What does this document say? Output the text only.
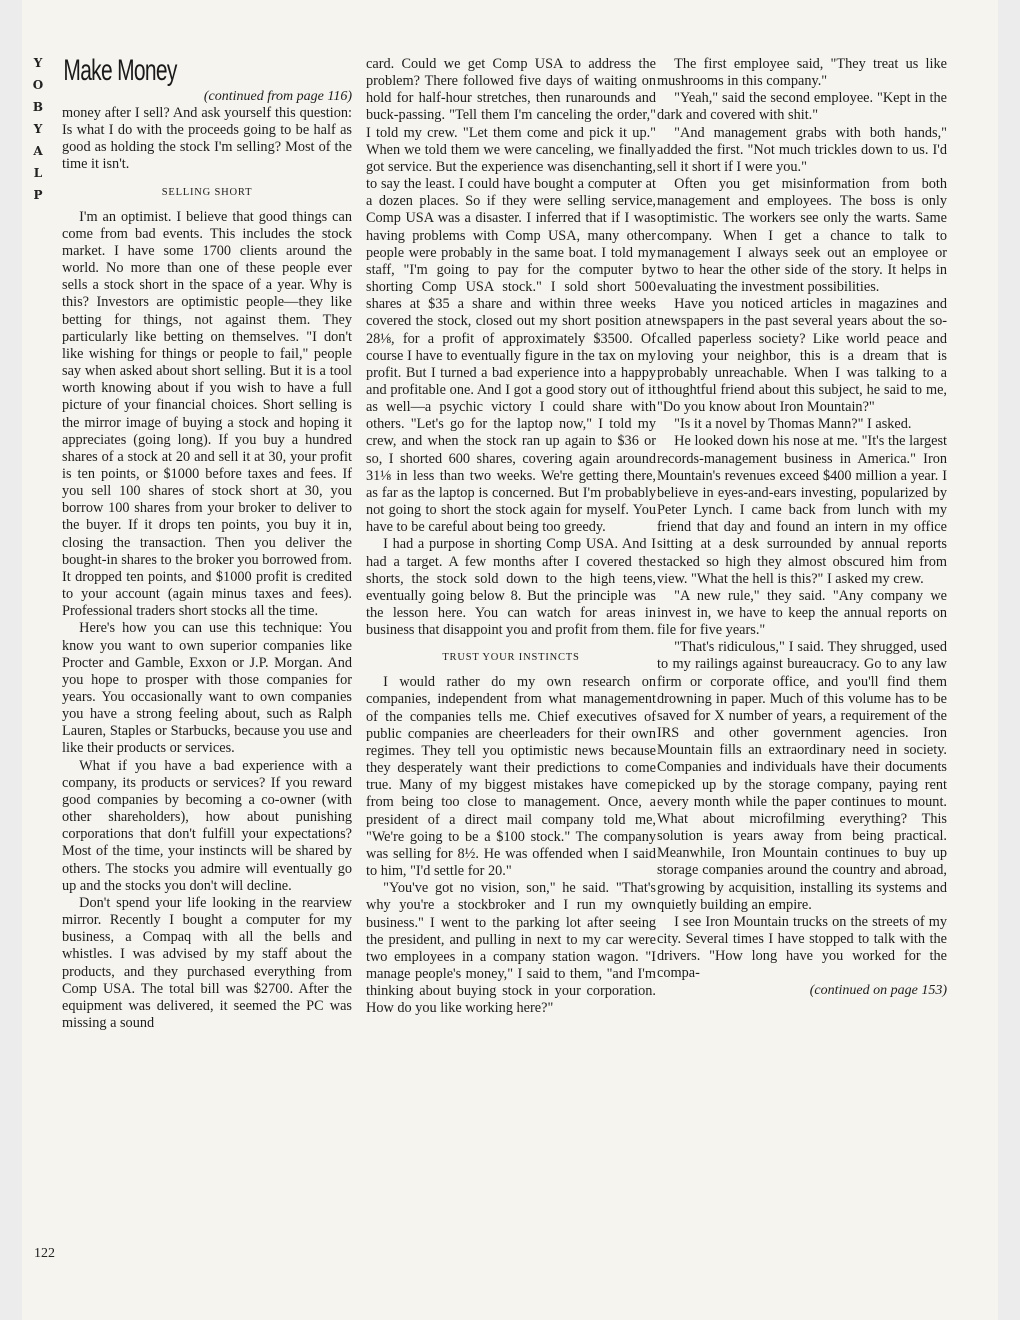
Y
O
B
Y
A
L
P
122
Make Money
(continued from page 116)

money after I sell? And ask yourself this question: Is what I do with the proceeds going to be half as good as holding the stock I'm selling? Most of the time it isn't.

SELLING SHORT

I'm an optimist. I believe that good things can come from bad events. This includes the stock market. I have some 1700 clients around the world. No more than one of these people ever sells a stock short in the space of a year. Why is this? Investors are optimistic people—they like betting for things, not against them. They particularly like betting on themselves. "I don't like wishing for things or people to fail," people say when asked about short selling. But it is a tool worth knowing about if you wish to have a full picture of your financial choices. Short selling is the mirror image of buying a stock and hoping it appreciates (going long). If you buy a hundred shares of a stock at 20 and sell it at 30, your profit is ten points, or $1000 before taxes and fees. If you sell 100 shares of stock short at 30, you borrow 100 shares from your broker to deliver to the buyer. If it drops ten points, you buy it in, closing the transaction. Then you deliver the bought-in shares to the broker you borrowed from. It dropped ten points, and $1000 profit is credited to your account (again minus taxes and fees). Professional traders short stocks all the time.

Here's how you can use this technique: You know you want to own superior companies like Procter and Gamble, Exxon or J.P. Morgan. And you hope to prosper with those companies for years. You occasionally want to own companies you have a strong feeling about, such as Ralph Lauren, Staples or Starbucks, because you use and like their products or services.

What if you have a bad experience with a company, its products or services? If you reward good companies by becoming a co-owner (with other shareholders), how about punishing corporations that don't fulfill your expectations? Most of the time, your instincts will be shared by others. The stocks you admire will eventually go up and the stocks you don't will decline.

Don't spend your life looking in the rearview mirror. Recently I bought a computer for my business, a Compaq with all the bells and whistles. I was advised by my staff about the products, and they purchased everything from Comp USA. The total bill was $2700. After the equipment was delivered, it seemed the PC was missing a sound

card. Could we get Comp USA to address the problem? There followed five days of waiting on hold for half-hour stretches, then runarounds and buck-passing. "Tell them I'm canceling the order," I told my crew. "Let them come and pick it up." When we told them we were canceling, we finally got service. But the experience was disenchanting, to say the least. I could have bought a computer at a dozen places. So if they were selling service, Comp USA was a disaster. I inferred that if I was having problems with Comp USA, many other people were probably in the same boat. I told my staff, "I'm going to pay for the computer by shorting Comp USA stock." I sold short 500 shares at $35 a share and within three weeks covered the stock, closed out my short position at 28⅛, for a profit of approximately $3500. Of course I have to eventually figure in the tax on my profit. But I turned a bad experience into a happy and profitable one. And I got a good story out of it as well—a psychic victory I could share with others. "Let's go for the laptop now," I told my crew, and when the stock ran up again to $36 or so, I shorted 600 shares, covering again around 31⅛ in less than two weeks. We're getting there, as far as the laptop is concerned. But I'm probably not going to short the stock again for myself. You have to be careful about being too greedy.

I had a purpose in shorting Comp USA. And I had a target. A few months after I covered the shorts, the stock sold down to the high teens, eventually going below 8. But the principle was the lesson here. You can watch for areas in business that disappoint you and profit from them.

TRUST YOUR INSTINCTS

I would rather do my own research on companies, independent from what management of the companies tells me. Chief executives of public companies are cheerleaders for their own regimes. They tell you optimistic news because they desperately want their predictions to come true. Many of my biggest mistakes have come from being too close to management. Once, a president of a direct mail company told me, "We're going to be a $100 stock." The company was selling for 8½. He was offended when I said to him, "I'd settle for 20."

"You've got no vision, son," he said. "That's why you're a stockbroker and I run my own business." I went to the parking lot after seeing the president, and pulling in next to my car were two employees in a company station wagon. "I manage people's money," I said to them, "and I'm thinking about buying stock in your corporation. How do you like working here?"

The first employee said, "They treat us like mushrooms in this company."

"Yeah," said the second employee. "Kept in the dark and covered with shit."

"And management grabs with both hands," added the first. "Not much trickles down to us. I'd sell it short if I were you."

Often you get misinformation from both management and employees. The boss is only optimistic. The workers see only the warts. Same company. When I get a chance to talk to management I always seek out an employee or two to hear the other side of the story. It helps in evaluating the investment possibilities.

Have you noticed articles in magazines and newspapers in the past several years about the so-called paperless society? Like world peace and loving your neighbor, this is a dream that is probably unreachable. When I was talking to a thoughtful friend about this subject, he said to me, "Do you know about Iron Mountain?"

"Is it a novel by Thomas Mann?" I asked.

He looked down his nose at me. "It's the largest records-management business in America." Iron Mountain's revenues exceed $400 million a year. I believe in eyes-and-ears investing, popularized by Peter Lynch. I came back from lunch with my friend that day and found an intern in my office sitting at a desk surrounded by annual reports stacked so high they almost obscured him from view. "What the hell is this?" I asked my crew.

"A new rule," they said. "Any company we invest in, we have to keep the annual reports on file for five years."

"That's ridiculous," I said. They shrugged, used to my railings against bureaucracy. Go to any law firm or corporate office, and you'll find them drowning in paper. Much of this volume has to be saved for X number of years, a requirement of the IRS and other government agencies. Iron Mountain fills an extraordinary need in society. Companies and individuals have their documents picked up by the storage company, paying rent every month while the paper continues to mount. What about microfilming everything? This solution is years away from being practical. Meanwhile, Iron Mountain continues to buy up storage companies around the country and abroad, growing by acquisition, installing its systems and quietly building an empire.

I see Iron Mountain trucks on the streets of my city. Several times I have stopped to talk with the drivers. "How long have you worked for the compa-

(continued on page 153)
